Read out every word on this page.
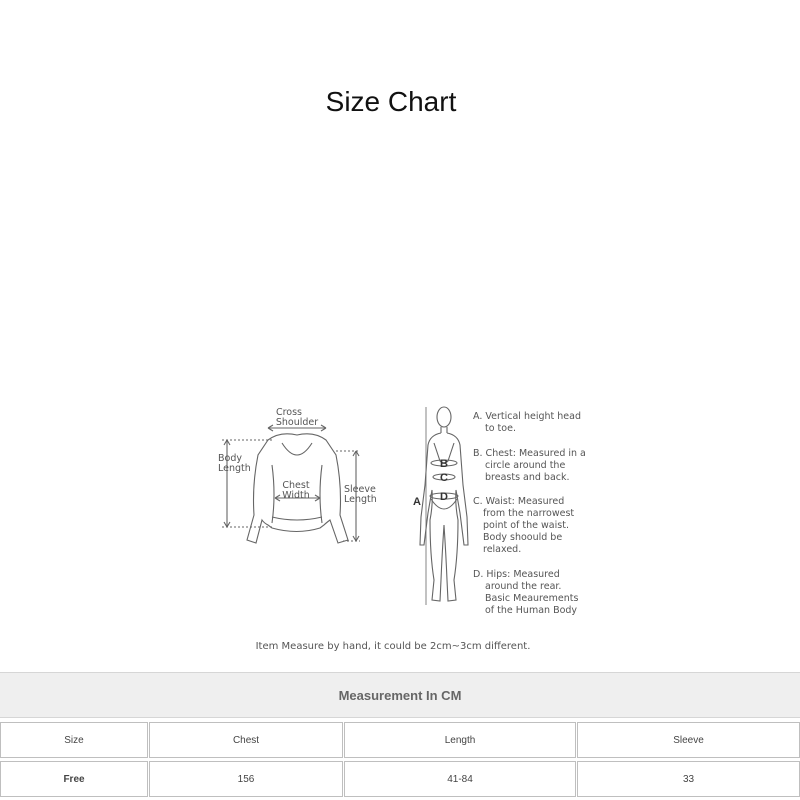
Size Chart
Cross
Shoulder
Body
Length
Chest
Width
Sleeve
Length
B
C
D
A
A. Vertical height head
to toe.
B. Chest: Measured in a
circle around the
breasts and back.
C. Waist: Measured
from the narrowest
point of the waist.
Body shoould be
relaxed.
D. Hips: Measured
around the rear.
Basic Meaurements
of the Human Body
Item Measure by hand, it could be 2cm~3cm different.
Measurement In CM
Size	Chest	Length	Sleeve
Free	156	41-84	33
